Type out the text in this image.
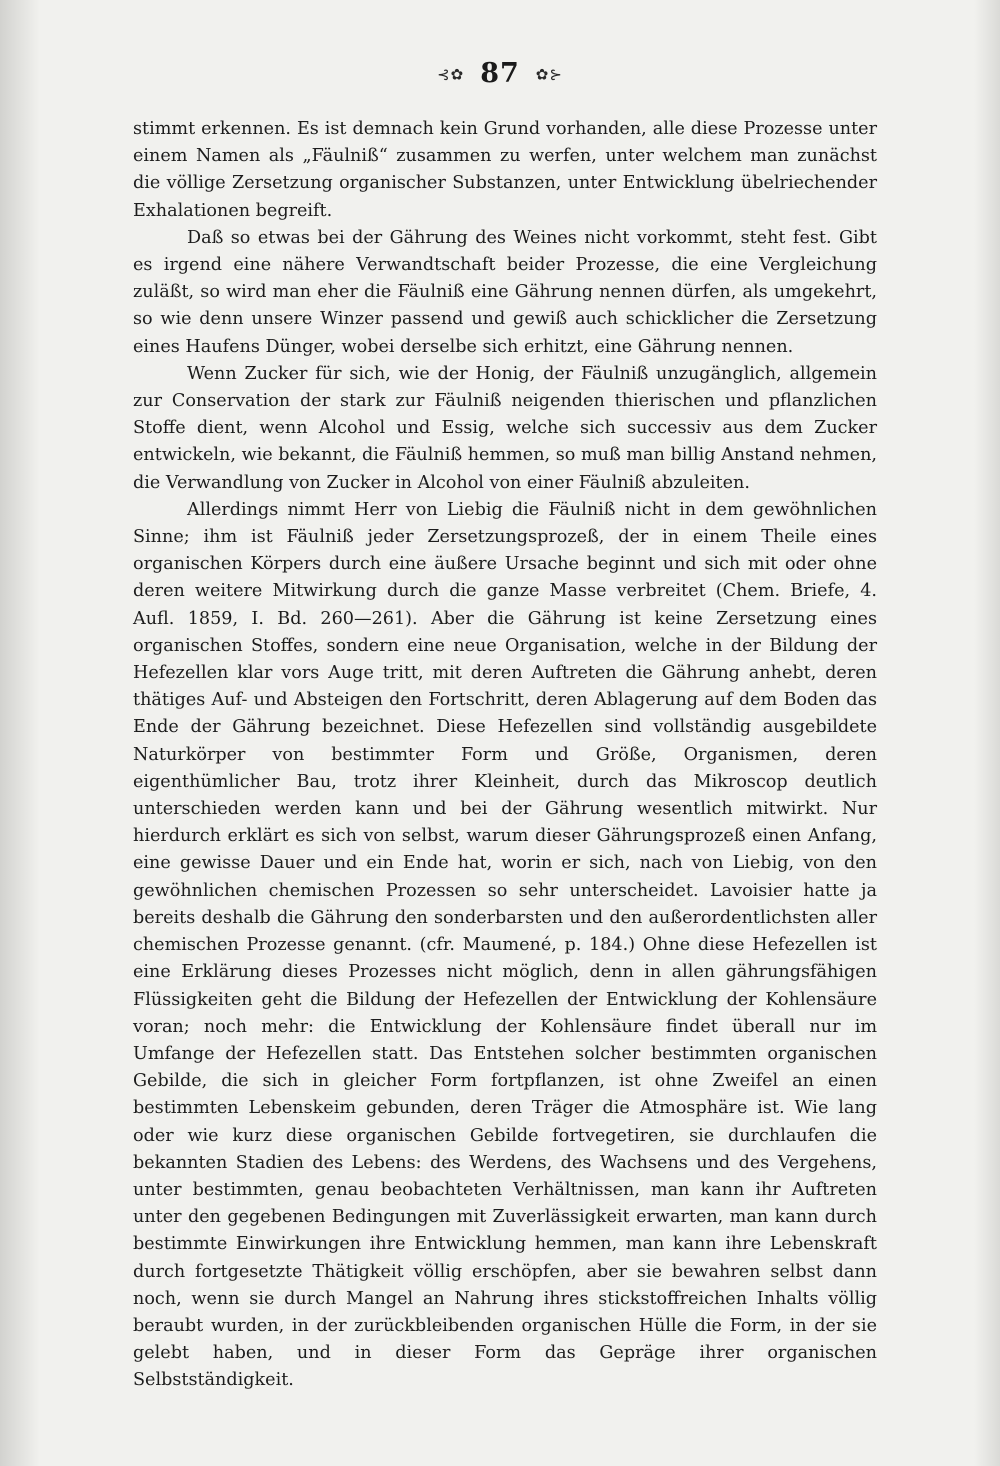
⊰✿ 87 ✿⊱

stimmt erkennen. Es ist demnach kein Grund vorhanden, alle diese Prozesse unter einem Namen als „Fäulniß“ zusammen zu werfen, unter welchem man zunächst die völlige Zersetzung organischer Substanzen, unter Entwicklung übelriechender Exhalationen begreift.

Daß so etwas bei der Gährung des Weines nicht vorkommt, steht fest. Gibt es irgend eine nähere Verwandtschaft beider Prozesse, die eine Vergleichung zuläßt, so wird man eher die Fäulniß eine Gährung nennen dürfen, als umgekehrt, so wie denn unsere Winzer passend und gewiß auch schicklicher die Zersetzung eines Haufens Dünger, wobei derselbe sich erhitzt, eine Gährung nennen.

Wenn Zucker für sich, wie der Honig, der Fäulniß unzugänglich, allgemein zur Conservation der stark zur Fäulniß neigenden thierischen und pflanzlichen Stoffe dient, wenn Alcohol und Essig, welche sich successiv aus dem Zucker entwickeln, wie bekannt, die Fäulniß hemmen, so muß man billig Anstand nehmen, die Verwandlung von Zucker in Alcohol von einer Fäulniß abzuleiten.

Allerdings nimmt Herr von Liebig die Fäulniß nicht in dem gewöhnlichen Sinne; ihm ist Fäulniß jeder Zersetzungsprozeß, der in einem Theile eines organischen Körpers durch eine äußere Ursache beginnt und sich mit oder ohne deren weitere Mitwirkung durch die ganze Masse verbreitet (Chem. Briefe, 4. Aufl. 1859, I. Bd. 260—261). Aber die Gährung ist keine Zersetzung eines organischen Stoffes, sondern eine neue Organisation, welche in der Bildung der Hefezellen klar vors Auge tritt, mit deren Auftreten die Gährung anhebt, deren thätiges Auf- und Absteigen den Fortschritt, deren Ablagerung auf dem Boden das Ende der Gährung bezeichnet. Diese Hefezellen sind vollständig ausgebildete Naturkörper von bestimmter Form und Größe, Organismen, deren eigenthümlicher Bau, trotz ihrer Kleinheit, durch das Mikroscop deutlich unterschieden werden kann und bei der Gährung wesentlich mitwirkt. Nur hierdurch erklärt es sich von selbst, warum dieser Gährungsprozeß einen Anfang, eine gewisse Dauer und ein Ende hat, worin er sich, nach von Liebig, von den gewöhnlichen chemischen Prozessen so sehr unterscheidet. Lavoisier hatte ja bereits deshalb die Gährung den sonderbarsten und den außerordentlichsten aller chemischen Prozesse genannt. (cfr. Maumené, p. 184.) Ohne diese Hefezellen ist eine Erklärung dieses Prozesses nicht möglich, denn in allen gährungsfähigen Flüssigkeiten geht die Bildung der Hefezellen der Entwicklung der Kohlensäure voran; noch mehr: die Entwicklung der Kohlensäure findet überall nur im Umfange der Hefezellen statt. Das Entstehen solcher bestimmten organischen Gebilde, die sich in gleicher Form fortpflanzen, ist ohne Zweifel an einen bestimmten Lebenskeim gebunden, deren Träger die Atmosphäre ist. Wie lang oder wie kurz diese organischen Gebilde fortvegetiren, sie durchlaufen die bekannten Stadien des Lebens: des Werdens, des Wachsens und des Vergehens, unter bestimmten, genau beobachteten Verhältnissen, man kann ihr Auftreten unter den gegebenen Bedingungen mit Zuverlässigkeit erwarten, man kann durch bestimmte Einwirkungen ihre Entwicklung hemmen, man kann ihre Lebenskraft durch fortgesetzte Thätigkeit völlig erschöpfen, aber sie bewahren selbst dann noch, wenn sie durch Mangel an Nahrung ihres stickstoffreichen Inhalts völlig beraubt wurden, in der zurückbleibenden organischen Hülle die Form, in der sie gelebt haben, und in dieser Form das Gepräge ihrer organischen Selbstständigkeit.
